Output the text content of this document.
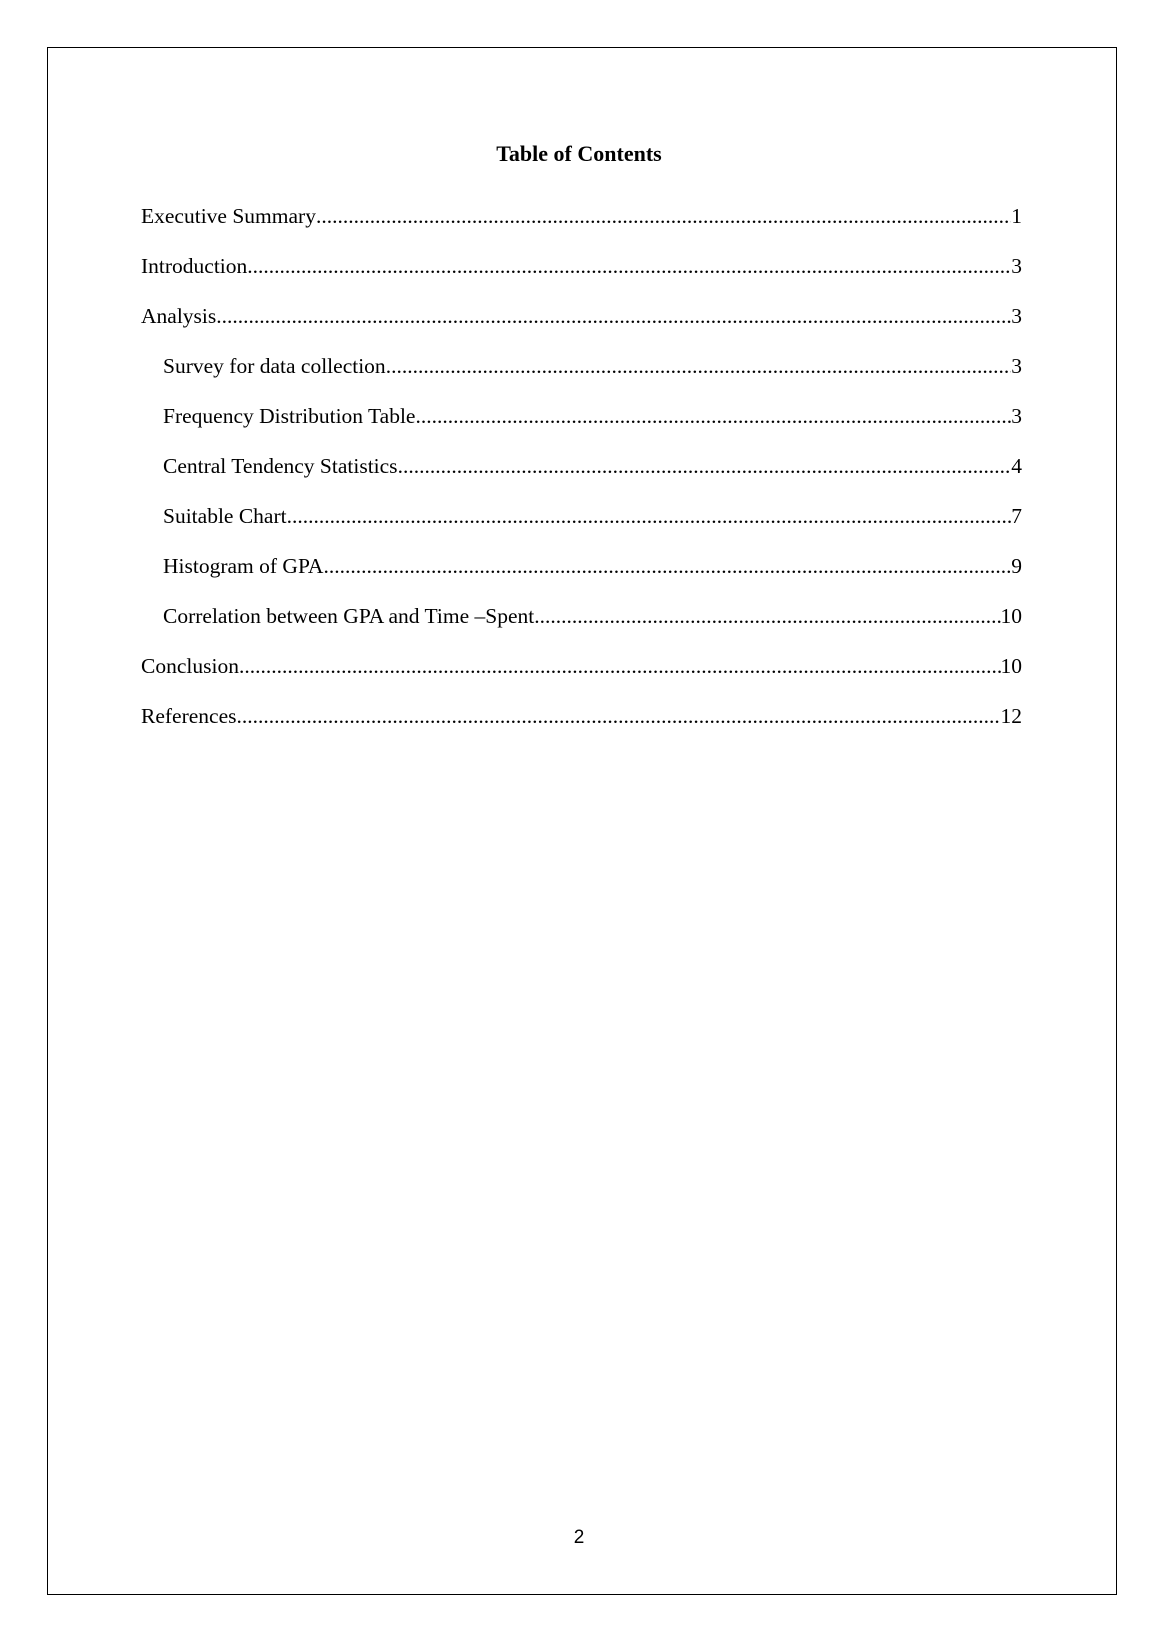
Table of Contents
Executive Summary .....	1
Introduction .....	3
Analysis .....	3
Survey for data collection .....	3
Frequency Distribution Table .....	3
Central Tendency Statistics .....	4
Suitable Chart .....	7
Histogram of GPA .....	9
Correlation between GPA and Time –Spent .....	10
Conclusion .....	10
References .....	12
2
